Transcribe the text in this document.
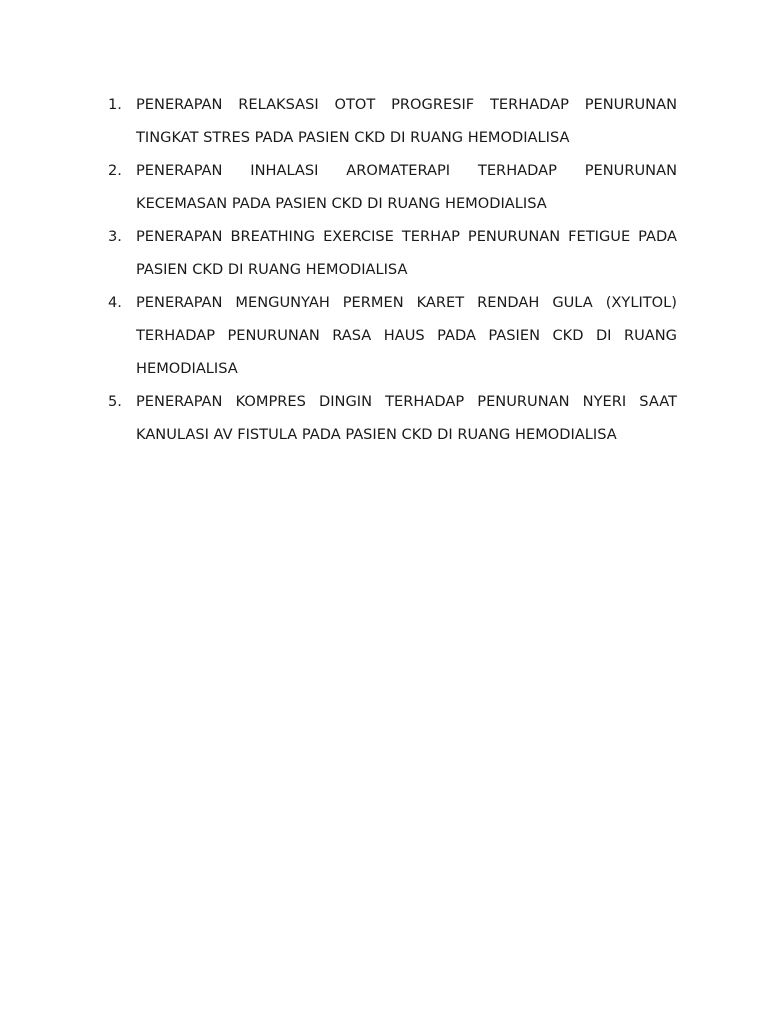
1. PENERAPAN RELAKSASI OTOT PROGRESIF TERHADAP PENURUNAN TINGKAT STRES PADA PASIEN CKD DI RUANG HEMODIALISA
2. PENERAPAN INHALASI AROMATERAPI TERHADAP PENURUNAN KECEMASAN PADA PASIEN CKD DI RUANG HEMODIALISA
3. PENERAPAN BREATHING EXERCISE TERHAP PENURUNAN FETIGUE PADA PASIEN CKD DI RUANG HEMODIALISA
4. PENERAPAN MENGUNYAH PERMEN KARET RENDAH GULA (XYLITOL) TERHADAP PENURUNAN RASA HAUS PADA PASIEN CKD DI RUANG HEMODIALISA
5. PENERAPAN KOMPRES DINGIN TERHADAP PENURUNAN NYERI SAAT KANULASI AV FISTULA PADA PASIEN CKD DI RUANG HEMODIALISA
